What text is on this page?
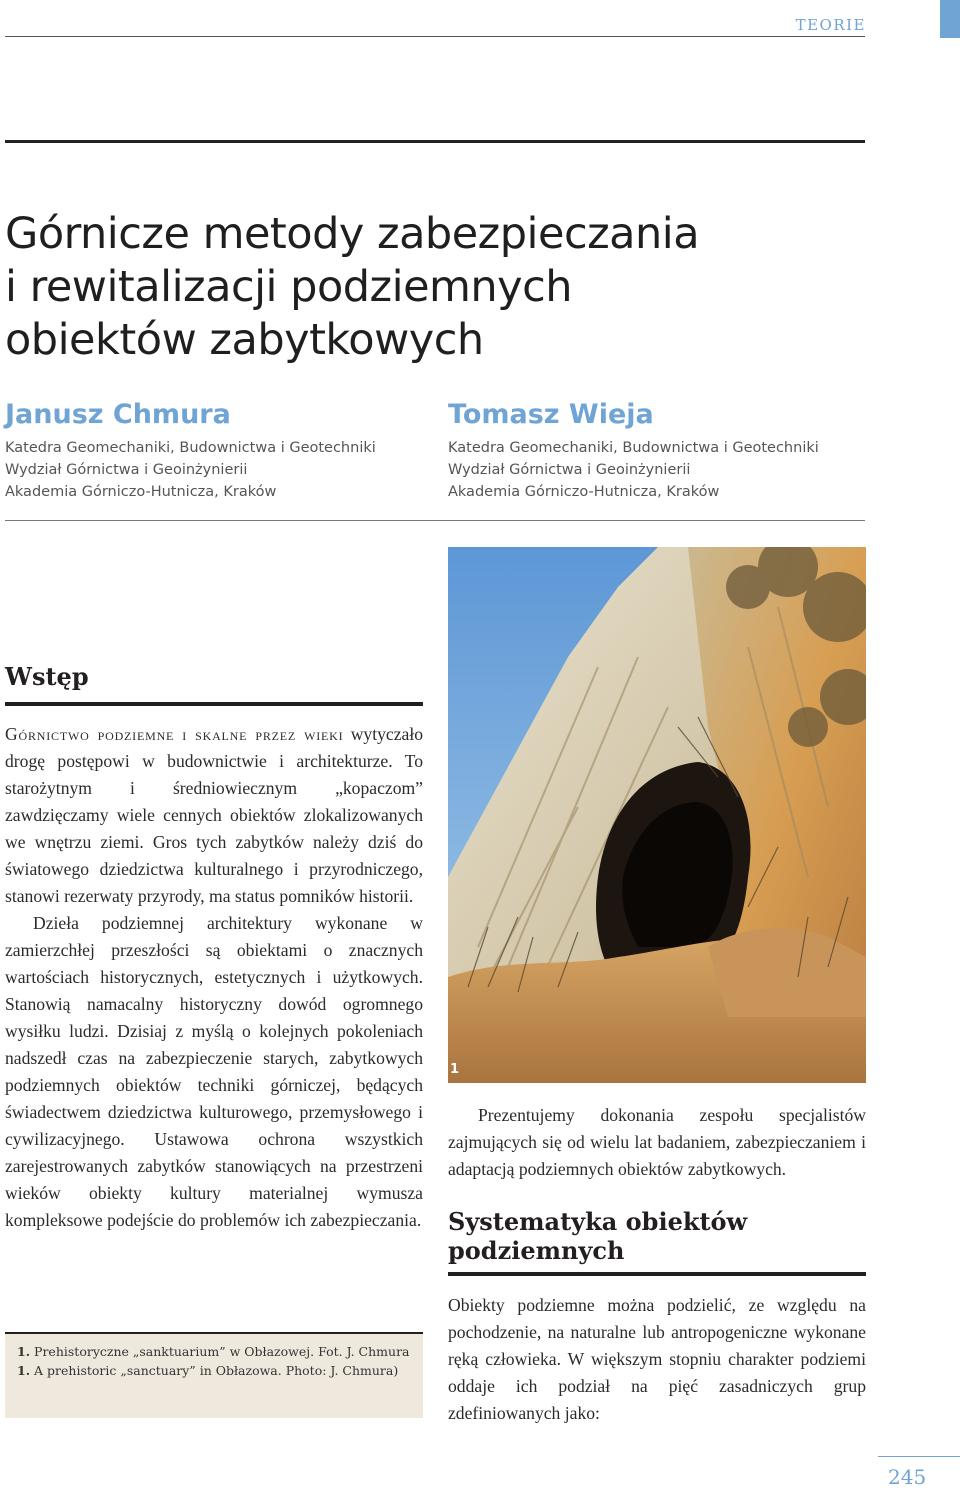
TEORIE
Górnicze metody zabezpieczania
i rewitalizacji podziemnych
obiektów zabytkowych
Janusz Chmura
Katedra Geomechaniki, Budownictwa i Geotechniki
Wydział Górnictwa i Geoinżynierii
Akademia Górniczo-Hutnicza, Kraków
Tomasz Wieja
Katedra Geomechaniki, Budownictwa i Geotechniki
Wydział Górnictwa i Geoinżynierii
Akademia Górniczo-Hutnicza, Kraków
1
Wstęp

Górnictwo podziemne i skalne przez wieki wytyczało drogę postępowi w budownictwie i architekturze. To starożytnym i średniowiecznym „kopaczom” zawdzięczamy wiele cennych obiektów zlokalizowanych we wnętrzu ziemi. Gros tych zabytków należy dziś do światowego dziedzictwa kulturalnego i przyrodniczego, stanowi rezerwaty przyrody, ma status pomników historii.

Dzieła podziemnej architektury wykonane w zamierzchłej przeszłości są obiektami o znacznych wartościach historycznych, estetycznych i użytkowych. Stanowią namacalny historyczny dowód ogromnego wysiłku ludzi. Dzisiaj z myślą o kolejnych pokoleniach nadszedł czas na zabezpieczenie starych, zabytkowych podziemnych obiektów techniki górniczej, będących świadectwem dziedzictwa kulturowego, przemysłowego i cywilizacyjnego. Ustawowa ochrona wszystkich zarejestrowanych zabytków stanowiących na przestrzeni wieków obiekty kultury materialnej wymusza kompleksowe podejście do problemów ich zabezpieczania.

1. Prehistoryczne „sanktuarium” w Obłazowej. Fot. J. Chmura
1. A prehistoric „sanctuary” in Obłazowa. Photo: J. Chmura)

Prezentujemy dokonania zespołu specjalistów zajmujących się od wielu lat badaniem, zabezpieczaniem i adaptacją podziemnych obiektów zabytkowych.

Systematyka obiektów podziemnych

Obiekty podziemne można podzielić, ze względu na pochodzenie, na naturalne lub antropogeniczne wykonane ręką człowieka. W większym stopniu charakter podziemi oddaje ich podział na pięć zasadniczych grup zdefiniowanych jako:

245
